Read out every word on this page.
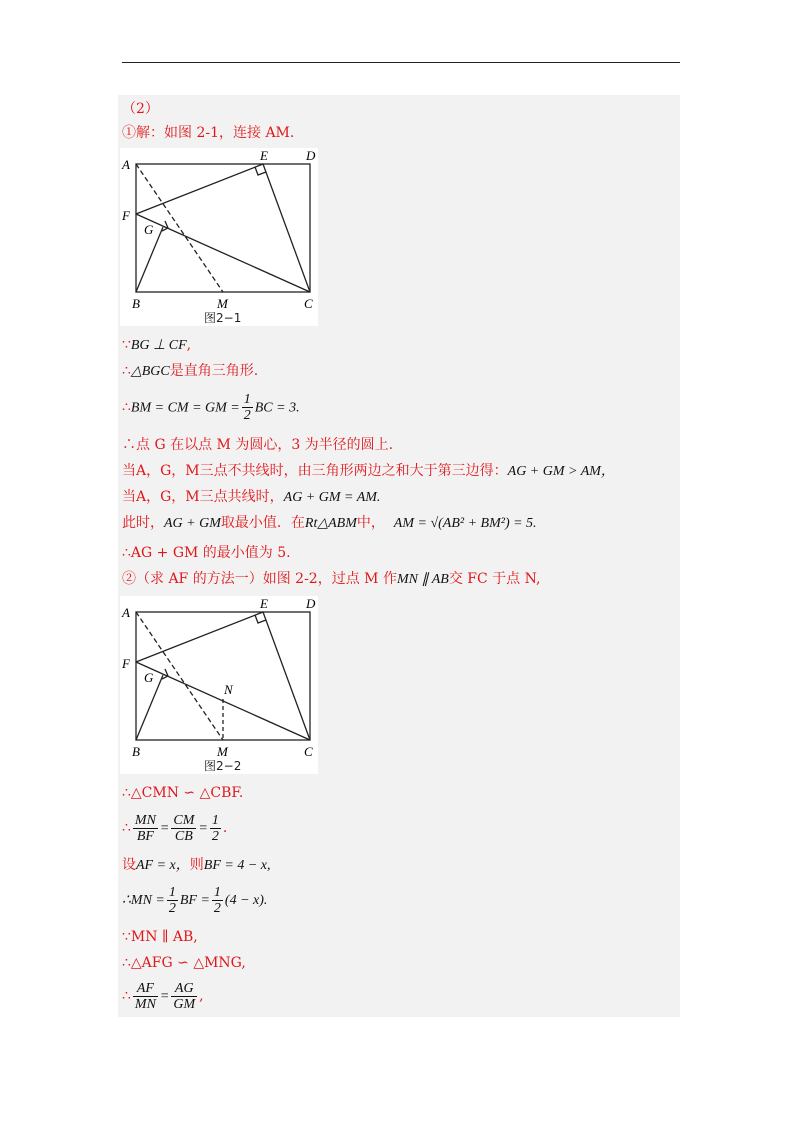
（2）
①解：如图 2-1，连接 AM.
A
E	D
F
G
B	M	C
图2−1
∵BG ⊥ CF,
∴△BGC是直角三角形.
∴BM = CM = GM = $\frac{1}{2}$ BC = 3.
∴点 G 在以点 M 为圆心，3 为半径的圆上.
当A，G，M三点不共线时，由三角形两边之和大于第三边得：AG + GM > AM，
当A，G，M三点共线时，AG + GM = AM.
此时，AG + GM取最小值．在Rt△ABM中， AM = √(AB² + BM²) = 5.
∴AG + GM 的最小值为 5.
②（求 AF 的方法一）如图 2-2，过点 M 作MN ∥ AB交 FC 于点 N,
A
E	D
F
G
N
B	M	C
图2−2
∴△CMN ∽ △CBF.
∴ $\frac{MN}{BF} = \frac{CM}{CB} = \frac{1}{2}$ .
设AF = x，则BF = 4 − x,
∴MN = $\frac{1}{2}$ BF = $\frac{1}{2} (4 - x)$.
∵MN ∥ AB,
∴△AFG ∽ △MNG,
∴ $\frac{AF}{MN} = \frac{AG}{GM}$ ,
